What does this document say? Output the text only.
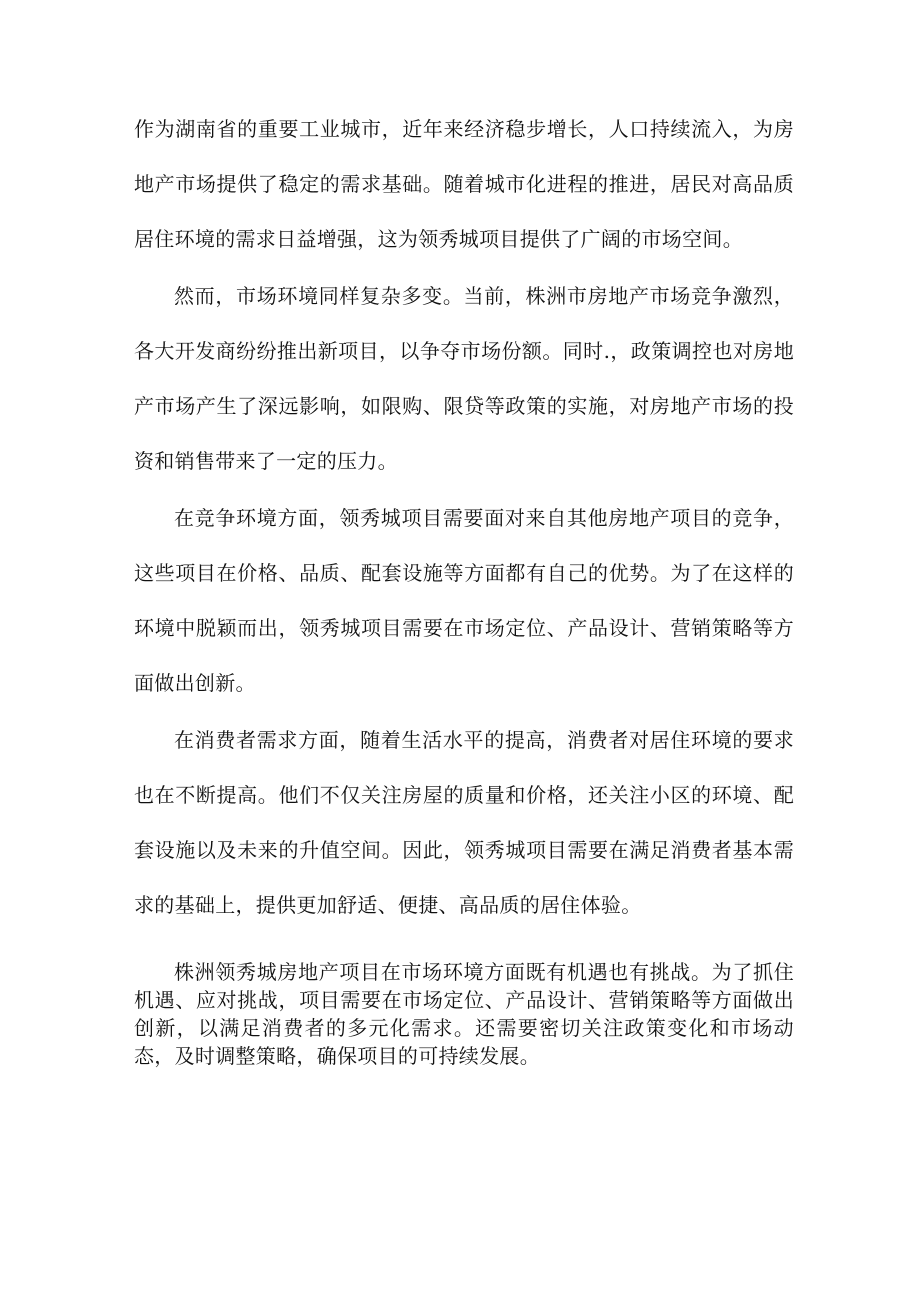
作为湖南省的重要工业城市，近年来经济稳步增长，人口持续流入，为房地产市场提供了稳定的需求基础。随着城市化进程的推进，居民对高品质居住环境的需求日益增强，这为领秀城项目提供了广阔的市场空间。

然而，市场环境同样复杂多变。当前，株洲市房地产市场竞争激烈，各大开发商纷纷推出新项目，以争夺市场份额。同时.，政策调控也对房地产市场产生了深远影响，如限购、限贷等政策的实施，对房地产市场的投资和销售带来了一定的压力。

在竞争环境方面，领秀城项目需要面对来自其他房地产项目的竞争，这些项目在价格、品质、配套设施等方面都有自己的优势。为了在这样的环境中脱颖而出，领秀城项目需要在市场定位、产品设计、营销策略等方面做出创新。

在消费者需求方面，随着生活水平的提高，消费者对居住环境的要求也在不断提高。他们不仅关注房屋的质量和价格，还关注小区的环境、配套设施以及未来的升值空间。因此，领秀城项目需要在满足消费者基本需求的基础上，提供更加舒适、便捷、高品质的居住体验。

株洲领秀城房地产项目在市场环境方面既有机遇也有挑战。为了抓住机遇、应对挑战，项目需要在市场定位、产品设计、营销策略等方面做出创新，以满足消费者的多元化需求。还需要密切关注政策变化和市场动态，及时调整策略，确保项目的可持续发展。
